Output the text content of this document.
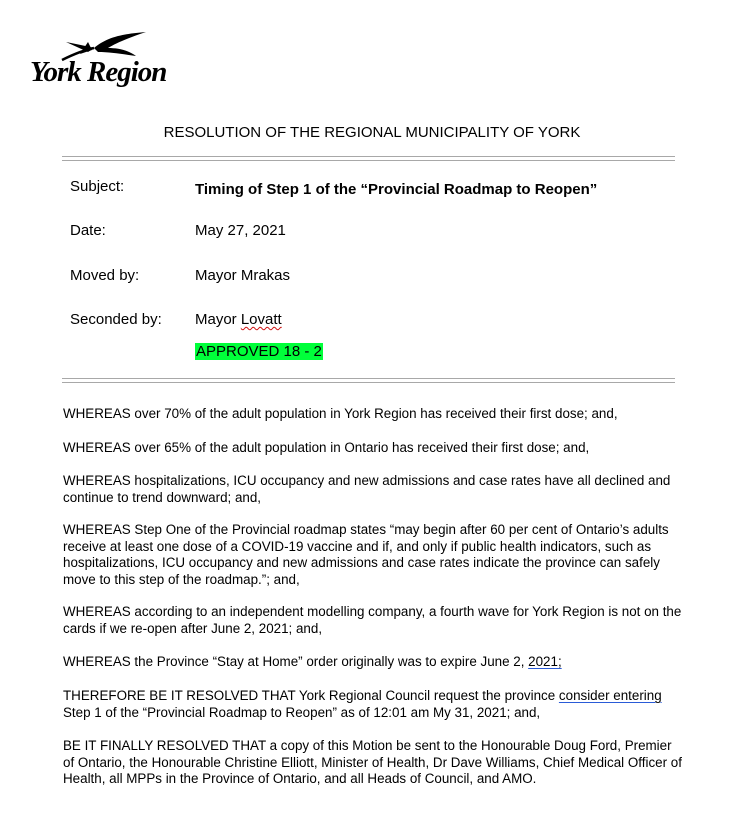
York Region
RESOLUTION OF THE REGIONAL MUNICIPALITY OF YORK
Subject:	Timing of Step 1 of the “Provincial Roadmap to Reopen”
Date:	May 27, 2021
Moved by:	Mayor Mrakas
Seconded by: Mayor Lovatt
APPROVED 18 - 2
WHEREAS over 70% of the adult population in York Region has received their first dose; and,
WHEREAS over 65% of the adult population in Ontario has received their first dose; and,
WHEREAS hospitalizations, ICU occupancy and new admissions and case rates have all declined and continue to trend downward; and,
WHEREAS Step One of the Provincial roadmap states “may begin after 60 per cent of Ontario’s adults receive at least one dose of a COVID-19 vaccine and if, and only if public health indicators, such as hospitalizations, ICU occupancy and new admissions and case rates indicate the province can safely move to this step of the roadmap.”; and,
WHEREAS according to an independent modelling company, a fourth wave for York Region is not on the cards if we re-open after June 2, 2021; and,
WHEREAS the Province “Stay at Home” order originally was to expire June 2, 2021;
THEREFORE BE IT RESOLVED THAT York Regional Council request the province consider entering Step 1 of the “Provincial Roadmap to Reopen” as of 12:01 am My 31, 2021; and,
BE IT FINALLY RESOLVED THAT a copy of this Motion be sent to the Honourable Doug Ford, Premier of Ontario, the Honourable Christine Elliott, Minister of Health, Dr Dave Williams, Chief Medical Officer of Health, all MPPs in the Province of Ontario, and all Heads of Council, and AMO.
